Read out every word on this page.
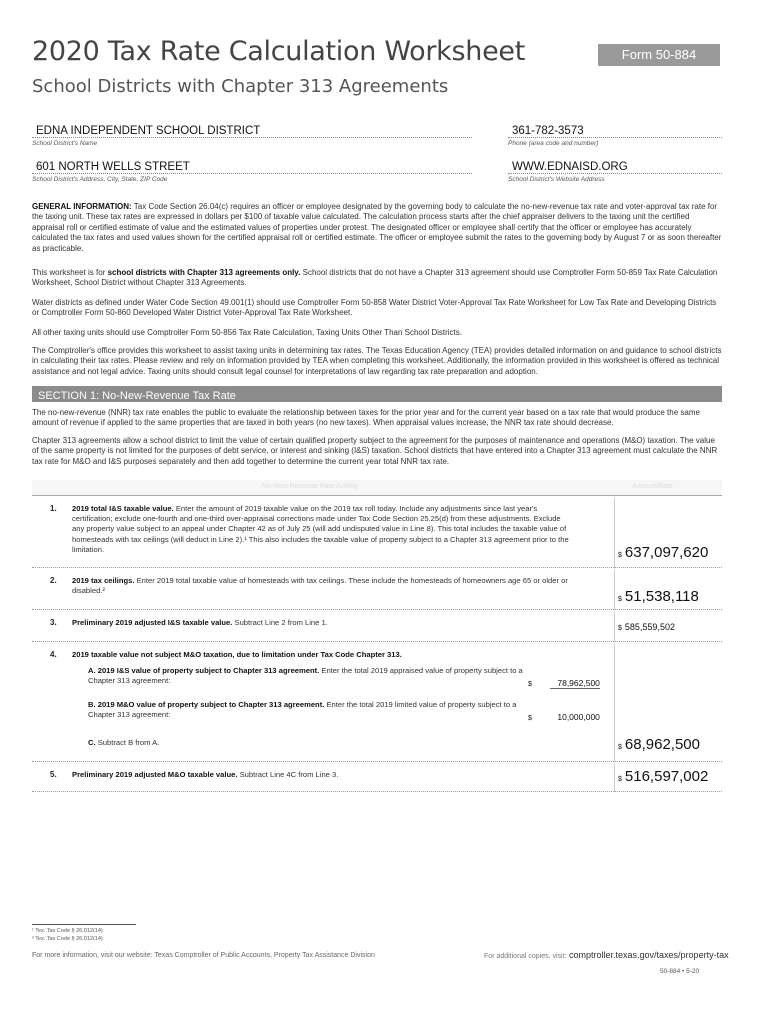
2020 Tax Rate Calculation Worksheet
School Districts with Chapter 313 Agreements
Form 50-884
EDNA INDEPENDENT SCHOOL DISTRICT
School District's Name
361-782-3573
Phone (area code and number)
601 NORTH WELLS STREET
School District's Address, City, State, ZIP Code
WWW.EDNAISD.ORG
School District's Website Address
GENERAL INFORMATION: Tax Code Section 26.04(c) requires an officer or employee designated by the governing body to calculate the no-new-revenue tax rate and voter-approval tax rate for the taxing unit. These tax rates are expressed in dollars per $100 of taxable value calculated. The calculation process starts after the chief appraiser delivers to the taxing unit the certified appraisal roll or certified estimate of value and the estimated values of properties under protest. The designated officer or employee shall certify that the officer or employee has accurately calculated the tax rates and used values shown for the certified appraisal roll or certified estimate. The officer or employee submit the rates to the governing body by August 7 or as soon thereafter as practicable.
This worksheet is for school districts with Chapter 313 agreements only. School districts that do not have a Chapter 313 agreement should use Comptroller Form 50-859 Tax Rate Calculation Worksheet, School District without Chapter 313 Agreements.
Water districts as defined under Water Code Section 49.001(1) should use Comptroller Form 50-858 Water District Voter-Approval Tax Rate Worksheet for Low Tax Rate and Developing Districts or Comptroller Form 50-860 Developed Water District Voter-Approval Tax Rate Worksheet.
All other taxing units should use Comptroller Form 50-856 Tax Rate Calculation, Taxing Units Other Than School Districts.
The Comptroller's office provides this worksheet to assist taxing units in determining tax rates. The Texas Education Agency (TEA) provides detailed information on and guidance to school districts in calculating their tax rates. Please review and rely on information provided by TEA when completing this worksheet. Additionally, the information provided in this worksheet is offered as technical assistance and not legal advice. Taxing units should consult legal counsel for interpretations of law regarding tax rate preparation and adoption.
SECTION 1: No-New-Revenue Tax Rate
The no-new-revenue (NNR) tax rate enables the public to evaluate the relationship between taxes for the prior year and for the current year based on a tax rate that would produce the same amount of revenue if applied to the same properties that are taxed in both years (no new taxes). When appraisal values increase, the NNR tax rate should decrease.
Chapter 313 agreements allow a school district to limit the value of certain qualified property subject to the agreement for the purposes of maintenance and operations (M&O) taxation. The value of the same property is not limited for the purposes of debt service, or interest and sinking (I&S) taxation. School districts that have entered into a Chapter 313 agreement must calculate the NNR tax rate for M&O and I&S purposes separately and then add together to determine the current year total NNR tax rate.
No-New-Revenue Rate Activity	Amount/Rate
1. 2019 total I&S taxable value. Enter the amount of 2019 taxable value on the 2019 tax roll today. Include any adjustments since last year's certification; exclude one-fourth and one-third over-appraisal corrections made under Tax Code Section 25.25(d) from these adjustments. Exclude any property value subject to an appeal under Chapter 42 as of July 25 (will add undisputed value in Line 8). This total includes the taxable value of homesteads with tax ceilings (will deduct in Line 2).¹ This also includes the taxable value of property subject to a Chapter 313 agreement prior to the limitation.
$ 637,097,620
2. 2019 tax ceilings. Enter 2019 total taxable value of homesteads with tax ceilings. These include the homesteads of homeowners age 65 or older or disabled.²
$ 51,538,118
3. Preliminary 2019 adjusted I&S taxable value. Subtract Line 2 from Line 1.
$ 585,559,502
4. 2019 taxable value not subject M&O taxation, due to limitation under Tax Code Chapter 313.
A. 2019 I&S value of property subject to Chapter 313 agreement. Enter the total 2019 appraised value of property subject to a Chapter 313 agreement:	$	78,962,500
B. 2019 M&O value of property subject to Chapter 313 agreement. Enter the total 2019 limited value of property subject to a Chapter 313 agreement:	$	10,000,000
C. Subtract B from A.
$ 68,962,500
5. Preliminary 2019 adjusted M&O taxable value. Subtract Line 4C from Line 3.
$ 516,597,002
¹ Tex. Tax Code § 26.012(14)
² Tex. Tax Code § 26.012(14)
For more information, visit our website: Texas Comptroller of Public Accounts, Property Tax Assistance Division	For additional copies, visit: comptroller.texas.gov/taxes/property-tax
50-884 • 5-20
